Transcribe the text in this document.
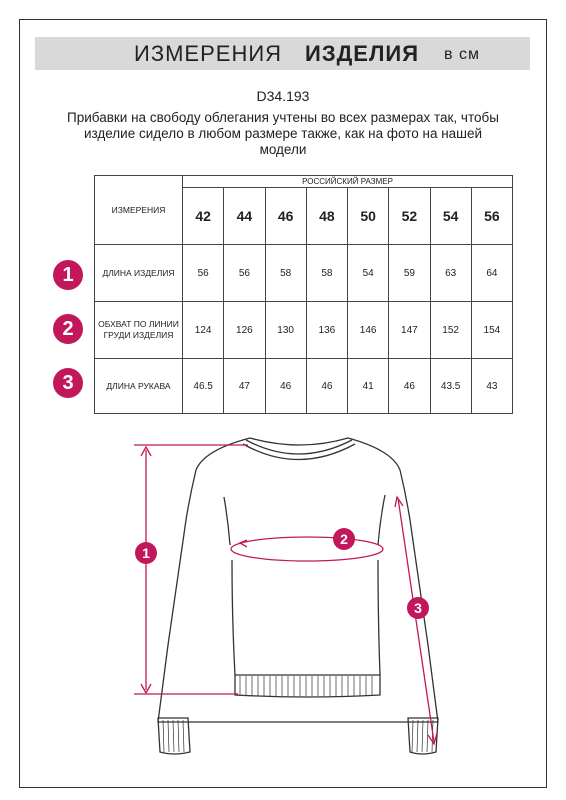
ИЗМЕРЕНИЯ ИЗДЕЛИЯ в см
D34.193
Прибавки на свободу облегания учтены во всех размерах так, чтобы изделие сидело в любом размере также, как на фото на нашей модели
ИЗМЕРЕНИЯ	РОССИЙСКИЙ РАЗМЕР							
	42	44	46	48	50	52	54	56
ДЛИНА ИЗДЕЛИЯ	56	56	58	58	54	59	63	64
ОБХВАТ ПО ЛИНИИ ГРУДИ ИЗДЕЛИЯ	124	126	130	136	146	147	152	154
ДЛИНА РУКАВА	46.5	47	46	46	41	46	43.5	43
1
2
3
1
2
3
